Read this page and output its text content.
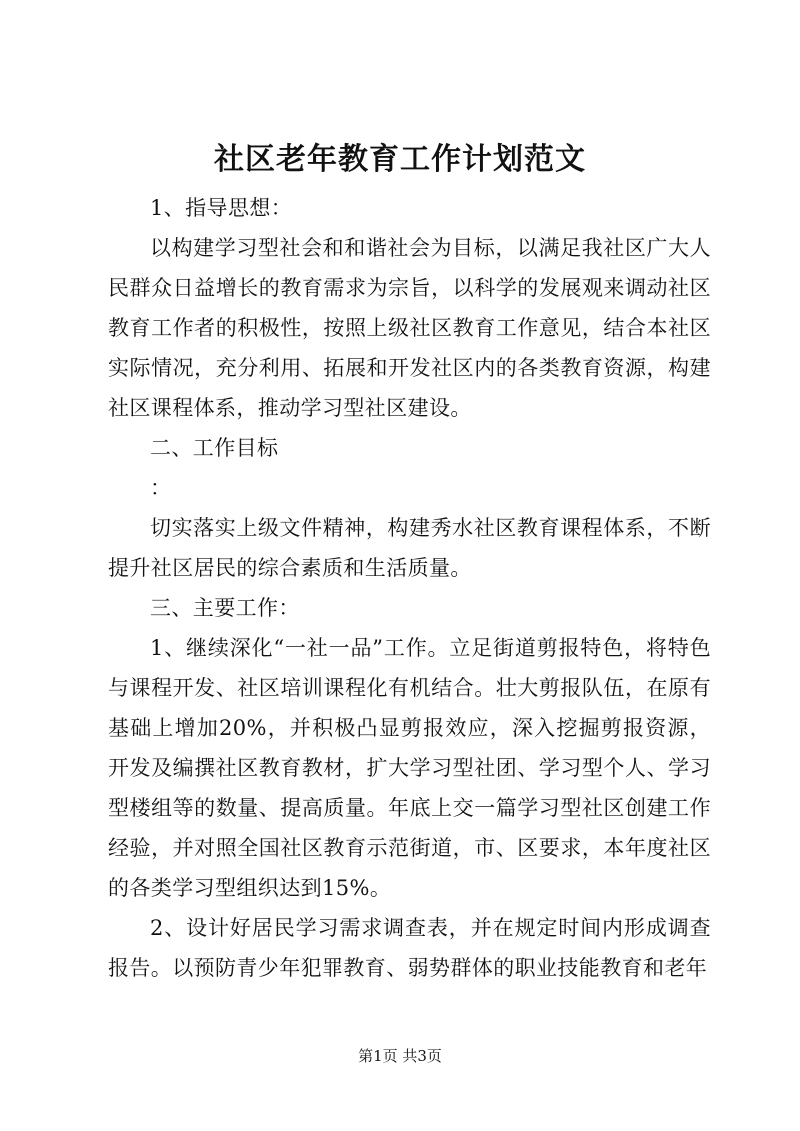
社区老年教育工作计划范文

1、指导思想：

以构建学习型社会和和谐社会为目标，以满足我社区广大人民群众日益增长的教育需求为宗旨，以科学的发展观来调动社区教育工作者的积极性，按照上级社区教育工作意见，结合本社区实际情况，充分利用、拓展和开发社区内的各类教育资源，构建社区课程体系，推动学习型社区建设。

二、工作目标

：

切实落实上级文件精神，构建秀水社区教育课程体系，不断提升社区居民的综合素质和生活质量。

三、主要工作：

1、继续深化“一社一品”工作。立足街道剪报特色，将特色与课程开发、社区培训课程化有机结合。壮大剪报队伍，在原有基础上增加20%，并积极凸显剪报效应，深入挖掘剪报资源，开发及编撰社区教育教材，扩大学习型社团、学习型个人、学习型楼组等的数量、提高质量。年底上交一篇学习型社区创建工作经验，并对照全国社区教育示范街道，市、区要求，本年度社区的各类学习型组织达到15%。

2、设计好居民学习需求调查表，并在规定时间内形成调查报告。以预防青少年犯罪教育、弱势群体的职业技能教育和老年

第1页 共3页
